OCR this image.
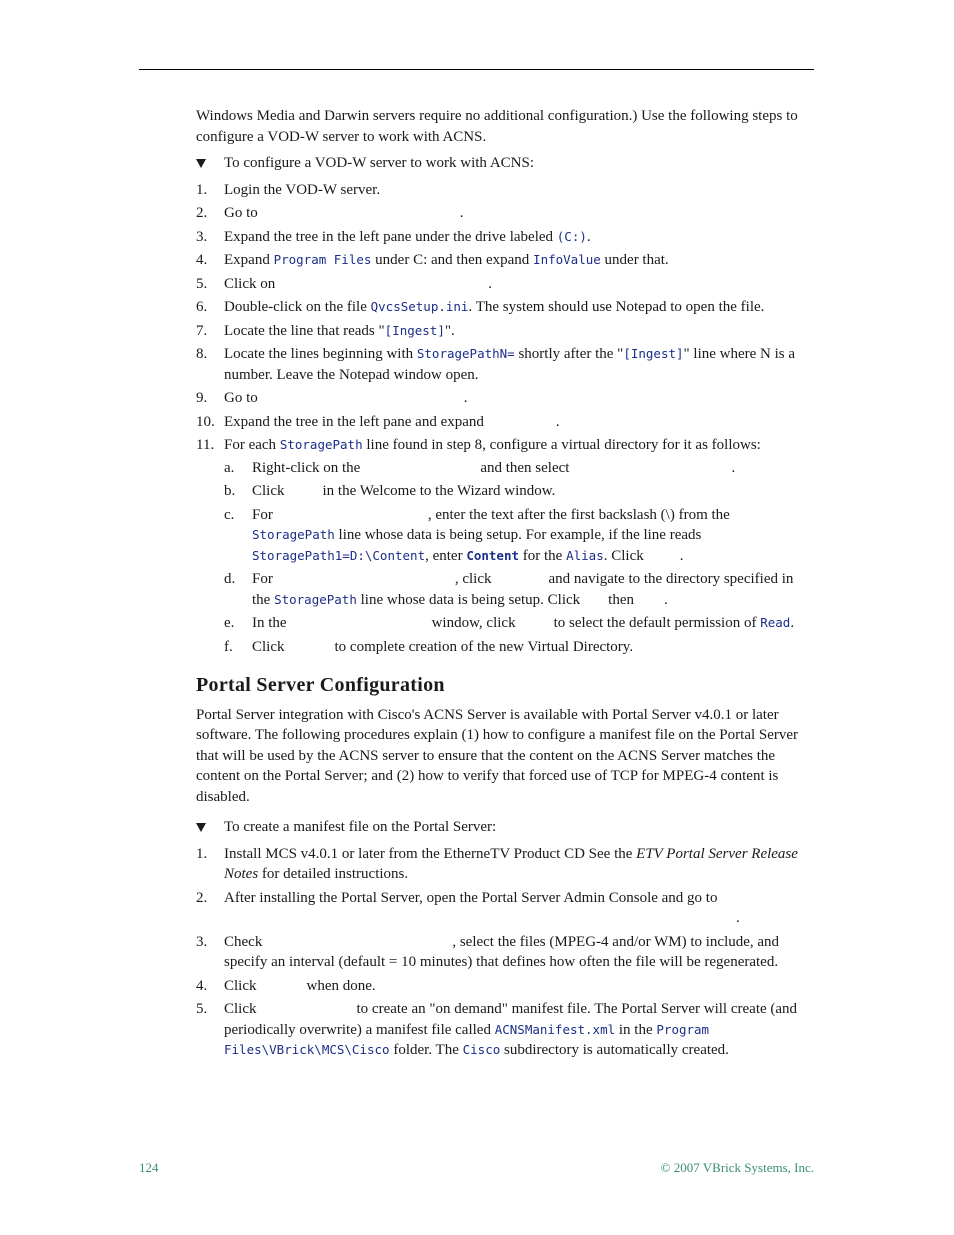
Windows Media and Darwin servers require no additional configuration.) Use the following steps to configure a VOD-W server to work with ACNS.

To configure a VOD-W server to work with ACNS:
1. Login the VOD-W server.
2. Go to	.
3. Expand the tree in the left pane under the drive labeled (C:).
4. Expand Program Files under C: and then expand InfoValue under that.
5. Click on	.
6. Double-click on the file QvcsSetup.ini. The system should use Notepad to open the file.
7. Locate the line that reads "[Ingest]".
8. Locate the lines beginning with StoragePathN= shortly after the "[Ingest]" line where N is a number. Leave the Notepad window open.
9. Go to	.
10. Expand the tree in the left pane and expand	.
11. For each StoragePath line found in step 8, configure a virtual directory for it as follows:
a. Right-click on the	and then select	.
b. Click	in the Welcome to the Wizard window.
c. For	, enter the text after the first backslash (\) from the StoragePath line whose data is being setup. For example, if the line reads StoragePath1=D:\Content, enter Content for the Alias. Click .
d. For	, click	and navigate to the directory specified in the StoragePath line whose data is being setup. Click then .
e. In the	window, click	to select the default permission of Read.
f. Click	to complete creation of the new Virtual Directory.
Portal Server Configuration

Portal Server integration with Cisco's ACNS Server is available with Portal Server v4.0.1 or later software. The following procedures explain (1) how to configure a manifest file on the Portal Server that will be used by the ACNS server to ensure that the content on the ACNS Server matches the content on the Portal Server; and (2) how to verify that forced use of TCP for MPEG-4 content is disabled.

To create a manifest file on the Portal Server:
1. Install MCS v4.0.1 or later from the EtherneTV Product CD See the ETV Portal Server Release Notes for detailed instructions.
2. After installing the Portal Server, open the Portal Server Admin Console and go to
.
3. Check	, select the files (MPEG-4 and/or WM) to include, and specify an interval (default = 10 minutes) that defines how often the file will be regenerated.
4. Click	when done.
5. Click	to create an "on demand" manifest file. The Portal Server will create (and periodically overwrite) a manifest file called ACNSManifest.xml in the Program Files\VBrick\MCS\Cisco folder. The Cisco subdirectory is automatically created.
124	© 2007 VBrick Systems, Inc.
